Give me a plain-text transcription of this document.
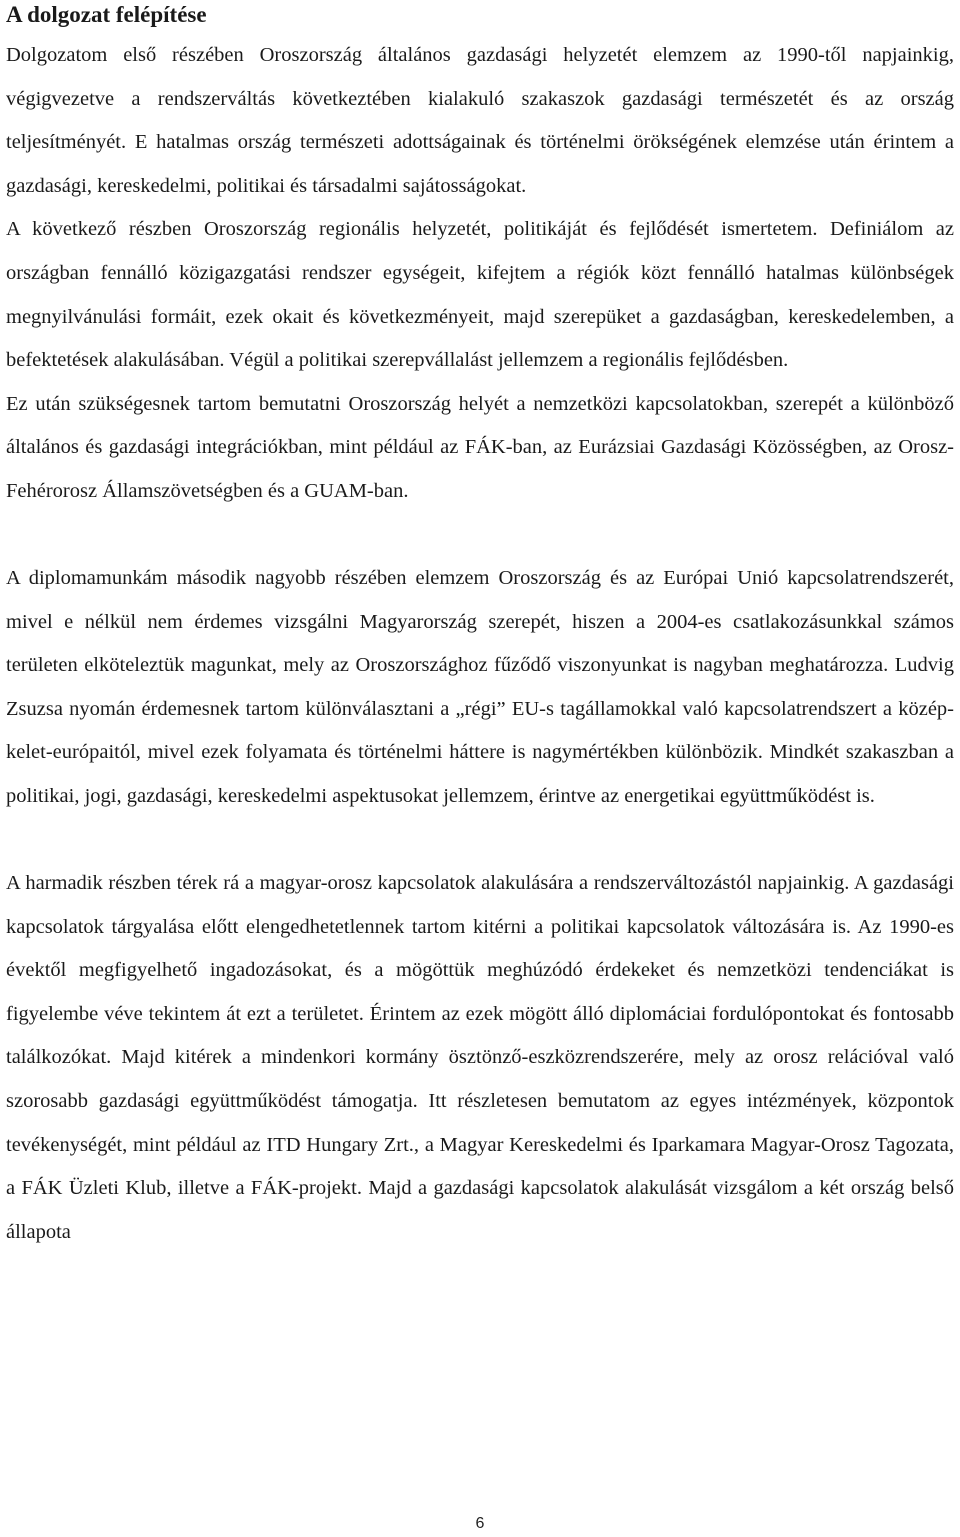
A dolgozat felépítése

Dolgozatom első részében Oroszország általános gazdasági helyzetét elemzem az 1990-től napjainkig, végigvezetve a rendszerváltás következtében kialakuló szakaszok gazdasági természetét és az ország teljesítményét. E hatalmas ország természeti adottságainak és történelmi örökségének elemzése után érintem a gazdasági, kereskedelmi, politikai és társadalmi sajátosságokat.

A következő részben Oroszország regionális helyzetét, politikáját és fejlődését ismertetem. Definiálom az országban fennálló közigazgatási rendszer egységeit, kifejtem a régiók közt fennálló hatalmas különbségek megnyilvánulási formáit, ezek okait és következményeit, majd szerepüket a gazdaságban, kereskedelemben, a befektetések alakulásában. Végül a politikai szerepvállalást jellemzem a regionális fejlődésben.

Ez után szükségesnek tartom bemutatni Oroszország helyét a nemzetközi kapcsolatokban, szerepét a különböző általános és gazdasági integrációkban, mint például az FÁK-ban, az Eurázsiai Gazdasági Közösségben, az Orosz-Fehérorosz Államszövetségben és a GUAM-ban.

A diplomamunkám második nagyobb részében elemzem Oroszország és az Európai Unió kapcsolatrendszerét, mivel e nélkül nem érdemes vizsgálni Magyarország szerepét, hiszen a 2004-es csatlakozásunkkal számos területen elköteleztük magunkat, mely az Oroszországhoz fűződő viszonyunkat is nagyban meghatározza. Ludvig Zsuzsa nyomán érdemesnek tartom különválasztani a „régi” EU-s tagállamokkal való kapcsolatrendszert a közép-kelet-európaitól, mivel ezek folyamata és történelmi háttere is nagymértékben különbözik. Mindkét szakaszban a politikai, jogi, gazdasági, kereskedelmi aspektusokat jellemzem, érintve az energetikai együttműködést is.

A harmadik részben térek rá a magyar-orosz kapcsolatok alakulására a rendszerváltozástól napjainkig. A gazdasági kapcsolatok tárgyalása előtt elengedhetetlennek tartom kitérni a politikai kapcsolatok változására is. Az 1990-es évektől megfigyelhető ingadozásokat, és a mögöttük meghúzódó érdekeket és nemzetközi tendenciákat is figyelembe véve tekintem át ezt a területet. Érintem az ezek mögött álló diplomáciai fordulópontokat és fontosabb találkozókat. Majd kitérek a mindenkori kormány ösztönző-eszközrendszerére, mely az orosz relációval való szorosabb gazdasági együttműködést támogatja. Itt részletesen bemutatom az egyes intézmények, központok tevékenységét, mint például az ITD Hungary Zrt., a Magyar Kereskedelmi és Iparkamara Magyar-Orosz Tagozata, a FÁK Üzleti Klub, illetve a FÁK-projekt. Majd a gazdasági kapcsolatok alakulását vizsgálom a két ország belső állapota

6
